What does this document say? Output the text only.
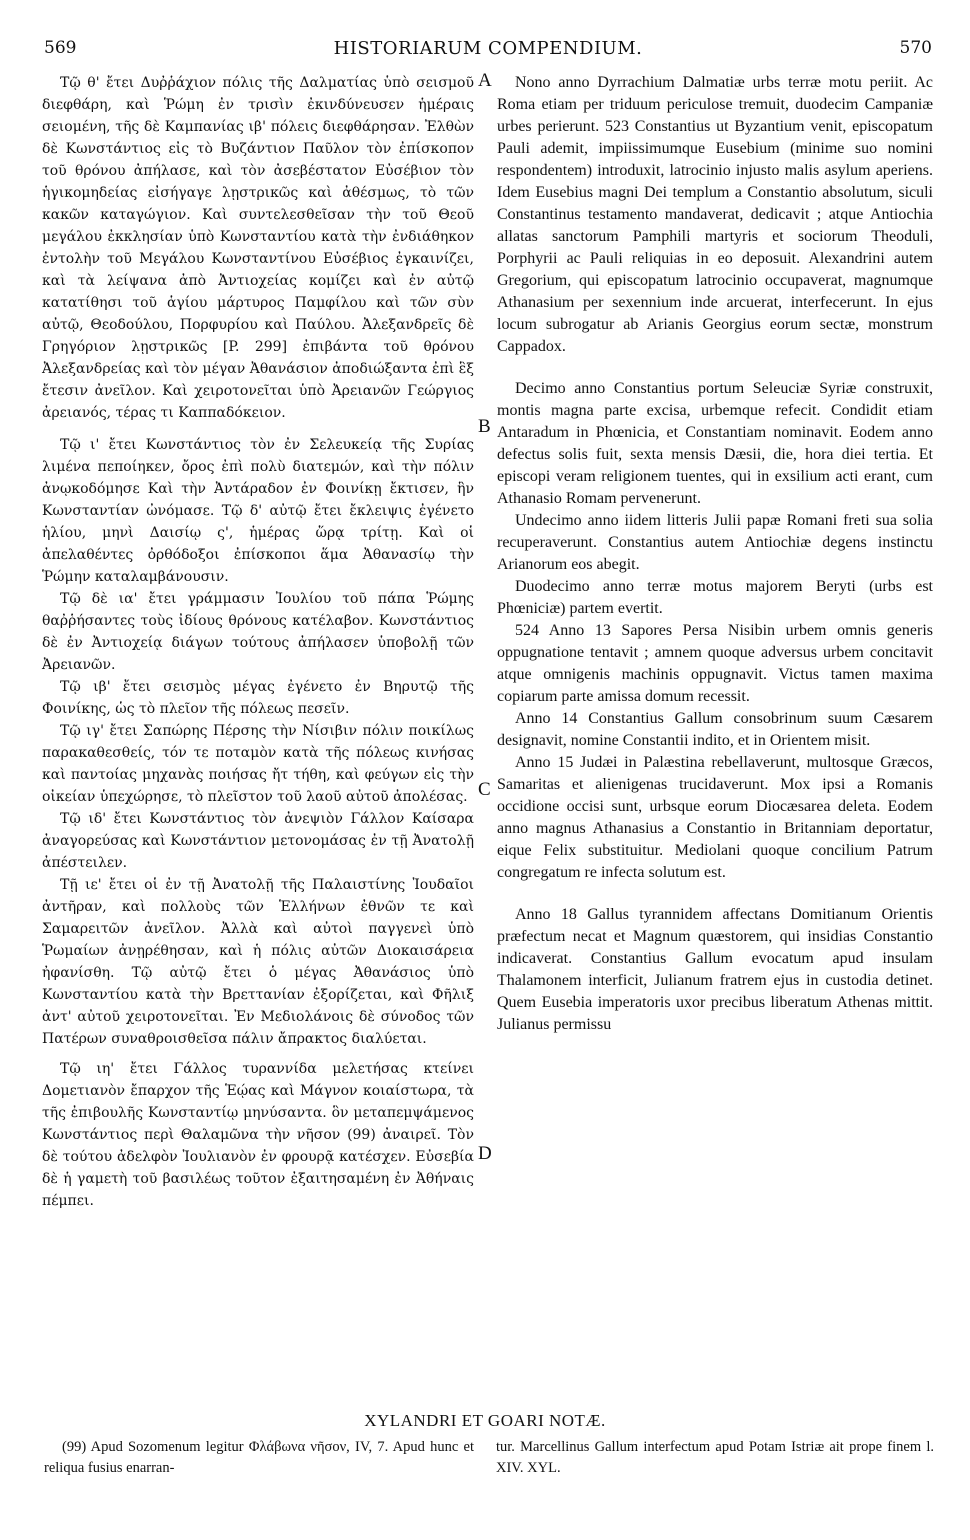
569	HISTORIARUM COMPENDIUM.	570

Τῷ θ' ἔτει Δυῤῥάχιον πόλις τῆς Δαλματίας ὑπὸ σεισμοῦ διεφθάρη, καὶ Ῥώμη ἐν τρισὶν ἐκινδύνευσεν ἡμέραις σειομένη, τῆς δὲ Καμπανίας ιβ' πόλεις διεφθάρησαν. Ἐλθὼν δὲ Κωνστάντιος εἰς τὸ Βυζάντιον Παῦλον τὸν ἐπίσκοπον τοῦ θρόνου ἀπήλασε, καὶ τὸν ἀσεβέστατον Εὐσέβιον τὸν ἡγικομηδείας εἰσήγαγε λῃστρικῶς καὶ ἀθέσμως, τὸ τῶν κακῶν καταγώγιον. Καὶ συντελεσθεῖσαν τὴν τοῦ Θεοῦ μεγάλου ἐκκλησίαν ὑπὸ Κωνσταντίου κατὰ τὴν ἐνδιάθηκον ἐντολὴν τοῦ Μεγάλου Κωνσταντίνου Εὐσέβιος ἐγκαινίζει, καὶ τὰ λείψανα ἀπὸ Ἀντιοχείας κομίζει καὶ ἐν αὐτῷ κατατίθησι τοῦ ἁγίου μάρτυρος Παμφίλου καὶ τῶν σὺν αὐτῷ, Θεοδούλου, Πορφυρίου καὶ Παύλου. Ἀλεξανδρεῖς δὲ Γρηγόριον λῃστρικῶς [P. 299] ἐπιβάντα τοῦ θρόνου Ἀλεξανδρείας καὶ τὸν μέγαν Ἀθανάσιον ἀποδιώξαντα ἐπὶ ἓξ ἔτεσιν ἀνεῖλον. Καὶ χειροτονεῖται ὑπὸ Ἀρειανῶν Γεώργιος ἀρειανός, τέρας τι Καππαδόκειον.

Τῷ ι' ἔτει Κωνστάντιος τὸν ἐν Σελευκείᾳ τῆς Συρίας λιμένα πεποίηκεν, ὄρος ἐπὶ πολὺ διατεμών, καὶ τὴν πόλιν ἀνῳκοδόμησε Καὶ τὴν Ἀντάραδον ἐν Φοινίκῃ ἔκτισεν, ἣν Κωνσταντίαν ὠνόμασε. Τῷ δ' αὐτῷ ἔτει ἔκλειψις ἐγένετο ἡλίου, μηνὶ Δαισίῳ ς', ἡμέρας ὥρᾳ τρίτῃ. Καὶ οἱ ἀπελαθέντες ὀρθόδοξοι ἐπίσκοποι ἅμα Ἀθανασίῳ τὴν Ῥώμην καταλαμβάνουσιν.

Τῷ δὲ ια' ἔτει γράμμασιν Ἰουλίου τοῦ πάπα Ῥώμης θαῤῥήσαντες τοὺς ἰδίους θρόνους κατέλαβον. Κωνστάντιος δὲ ἐν Ἀντιοχείᾳ διάγων τούτους ἀπήλασεν ὑποβολῇ τῶν Ἀρειανῶν.

Τῷ ιβ' ἔτει σεισμὸς μέγας ἐγένετο ἐν Βηρυτῷ τῆς Φοινίκης, ὡς τὸ πλεῖον τῆς πόλεως πεσεῖν.

Τῷ ιγ' ἔτει Σαπώρης Πέρσης τὴν Νίσιβιν πόλιν ποικίλως παρακαθεσθείς, τόν τε ποταμὸν κατὰ τῆς πόλεως κινήσας καὶ παντοίας μηχανὰς ποιήσας ἤτ τήθη, καὶ φεύγων εἰς τὴν οἰκείαν ὑπεχώρησε, τὸ πλεῖστον τοῦ λαοῦ αὐτοῦ ἀπολέσας.

Τῷ ιδ' ἔτει Κωνστάντιος τὸν ἀνεψιὸν Γάλλον Καίσαρα ἀναγορεύσας καὶ Κωνστάντιον μετονομάσας ἐν τῇ Ἀνατολῇ ἀπέστειλεν.

Τῇ ιε' ἔτει οἱ ἐν τῇ Ἀνατολῇ τῆς Παλαιστίνης Ἰουδαῖοι ἀντῆραν, καὶ πολλοὺς τῶν Ἑλλήνων ἐθνῶν τε καὶ Σαμαρειτῶν ἀνεῖλον. Ἀλλὰ καὶ αὐτοὶ παγγενεὶ ὑπὸ Ῥωμαίων ἀνῃρέθησαν, καὶ ἡ πόλις αὐτῶν Διοκαισάρεια ἠφανίσθη. Τῷ αὐτῷ ἔτει ὁ μέγας Ἀθανάσιος ὑπὸ Κωνσταντίου κατὰ τὴν Βρεττανίαν ἐξορίζεται, καὶ Φῆλιξ ἀντ' αὐτοῦ χειροτονεῖται. Ἐν Μεδιολάνοις δὲ σύνοδος τῶν Πατέρων συναθροισθεῖσα πάλιν ἄπρακτος διαλύεται.

Τῷ ιη' ἔτει Γάλλος τυραννίδα μελετήσας κτείνει Δομετιανὸν ἔπαρχον τῆς Ἑῴας καὶ Μάγνον κοιαίστωρα, τὰ τῆς ἐπιβουλῆς Κωνσταντίῳ μηνύσαντα. ὃν μεταπεμψάμενος Κωνστάντιος περὶ Θαλαμῶνα τὴν νῆσον (99) ἀναιρεῖ. Τὸν δὲ τούτου ἀδελφὸν Ἰουλιανὸν ἐν φρουρᾷ κατέσχεν. Εὐσεβία δὲ ἡ γαμετὴ τοῦ βασιλέως τοῦτον ἐξαιτησαμένη ἐν Ἀθήναις πέμπει.

A
B
C
D

Nono anno Dyrrachium Dalmatiæ urbs terræ motu periit. Ac Roma etiam per triduum periculose tremuit, duodecim Campaniæ urbes perierunt. 523 Constantius ut Byzantium venit, episcopatum Pauli ademit, impiissimumque Eusebium (minime suo nomini respondentem) introduxit, latrocinio injusto malis asylum aperiens. Idem Eusebius magni Dei templum a Constantio absolutum, siculi Constantinus testamento mandaverat, dedicavit ; atque Antiochia allatas sanctorum Pamphili martyris et sociorum Theoduli, Porphyrii ac Pauli reliquias in eo deposuit. Alexandrini autem Gregorium, qui episcopatum latrocinio occupaverat, magnumque Athanasium per sexennium inde arcuerat, interfecerunt. In ejus locum subrogatur ab Arianis Georgius eorum sectæ, monstrum Cappadox.

Decimo anno Constantius portum Seleuciæ Syriæ construxit, montis magna parte excisa, urbemque refecit. Condidit etiam Antaradum in Phœnicia, et Constantiam nominavit. Eodem anno defectus solis fuit, sexta mensis Dæsii, die, hora diei tertia. Et episcopi veram religionem tuentes, qui in exsilium acti erant, cum Athanasio Romam pervenerunt.

Undecimo anno iidem litteris Julii papæ Romani freti sua solia recuperaverunt. Constantius autem Antiochiæ degens instinctu Arianorum eos abegit.

Duodecimo anno terræ motus majorem Beryti (urbs est Phœniciæ) partem evertit.

524 Anno 13 Sapores Persa Nisibin urbem omnis generis oppugnatione tentavit ; amnem quoque adversus urbem concitavit atque omnigenis machinis oppugnavit. Victus tamen maxima copiarum parte amissa domum recessit.

Anno 14 Constantius Gallum consobrinum suum Cæsarem designavit, nomine Constantii indito, et in Orientem misit.

Anno 15 Judæi in Palæstina rebellaverunt, multosque Græcos, Samaritas et alienigenas trucidaverunt. Mox ipsi a Romanis occidione occisi sunt, urbsque eorum Diocæsarea deleta. Eodem anno magnus Athanasius a Constantio in Britanniam deportatur, eique Felix substituitur. Mediolani quoque concilium Patrum congregatum re infecta solutum est.

Anno 18 Gallus tyrannidem affectans Domitianum Orientis præfectum necat et Magnum quæstorem, qui insidias Constantio indicaverat. Constantius Gallum evocatum apud insulam Thalamonem interficit, Julianum fratrem ejus in custodia detinet. Quem Eusebia imperatoris uxor precibus liberatum Athenas mittit. Julianus permissu

XYLANDRI ET GOARI NOTÆ.

(99) Apud Sozomenum legitur Φλάβωνα νῆσον, IV, 7. Apud hunc et reliqua fusius enarran-

tur. Marcellinus Gallum interfectum apud Potam Istriæ ait prope finem l. XIV. XYL.
